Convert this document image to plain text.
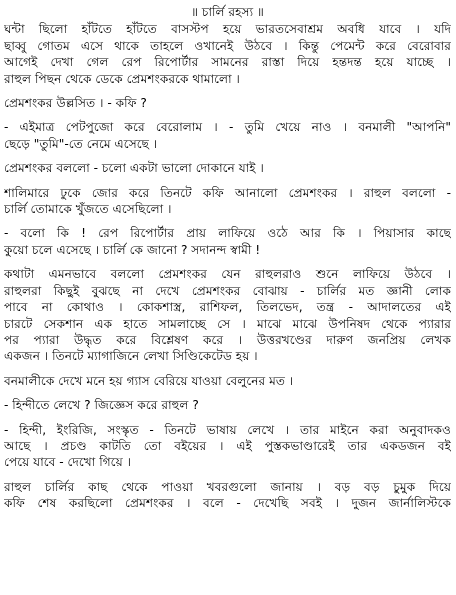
॥ চার্লি রহস্য ॥
ঘন্টা ছিলো হাঁটতে হাঁটতে বাসস্টপ হয়ে ভারতসেবাশ্রম অবধি যাবে । যদি
ছাব্বু গোতম এসে থাকে তাহলে ওখানেই উঠবে । কিন্তু পেমেন্ট করে বেরোবার
আগেই দেখা গেল রেপ রিপোর্টার সামনের রাস্তা দিয়ে হন্তদন্ত হয়ে যাচ্ছে ।
রাহুল পিছন থেকে ডেকে প্রেমশংকরকে থামালো ।
প্রেমশংকর উল্লসিত । - কফি ?
- এইমাত্র পেটপুজো করে বেরোলাম । - তুমি খেয়ে নাও । বনমালী "আপনি"
ছেড়ে "তুমি"-তে নেমে এসেছে ।
প্রেমশংকর বললো - চলো একটা ভালো দোকানে যাই ।
শালিমারে ঢুকে জোর করে তিনটে কফি আনালো প্রেমশংকর । রাহুল বললো -
চার্লি তোমাকে খুঁজতে এসেছিলো ।
- বলো কি ! রেপ রিপোর্টার প্রায় লাফিয়ে ওঠে আর কি । পিয়াসার কাছে
কুয়ো চলে এসেছে । চার্লি কে জানো ? সদানন্দ স্বামী !
কথাটা এমনভাবে বললো প্রেমশংকর যেন রাহুলরাও শুনে লাফিয়ে উঠবে ।
রাহুলরা কিছুই বুঝছে না দেখে প্রেমশংকর বোঝায় - চার্লির মত জ্ঞানী লোক
পাবে না কোথাও । কোকশাস্ত্র, রাশিফল, তিলভেদ, তন্ত্র - আদালতের এই
চারটে সেকশান এক হাতে সামলাচ্ছে সে । মাঝে মাঝে উপনিষদ থেকে প্যারার
পর প্যারা উদ্ধৃত করে বিশ্লেষণ করে । উত্তরখণ্ডের দারুণ জনপ্রিয় লেখক
একজন । তিনটে ম্যাগাজিনে লেখা সিণ্ডিকেটেড হয় ।
বনমালীকে দেখে মনে হয় গ্যাস বেরিয়ে যাওয়া বেলুনের মত ।
- হিন্দীতে লেখে ? জিজ্ঞেস করে রাহুল ?
- হিন্দী, ইংরিজি, সংস্কৃত - তিনটে ভাষায় লেখে । তার মাইনে করা অনুবাদকও
আছে । প্রচণ্ড কাটতি তো বইয়ের । এই পুস্তকভাণ্ডারেই তার একডজন বই
পেয়ে যাবে - দেখো গিয়ে ।
রাহুল চার্লির কাছ থেকে পাওয়া খবরগুলো জানায় । বড় বড় চুমুক দিয়ে
কফি শেষ করছিলো প্রেমশংকর । বলে - দেখেছি সবই । দুজন জার্নালিস্টকে
